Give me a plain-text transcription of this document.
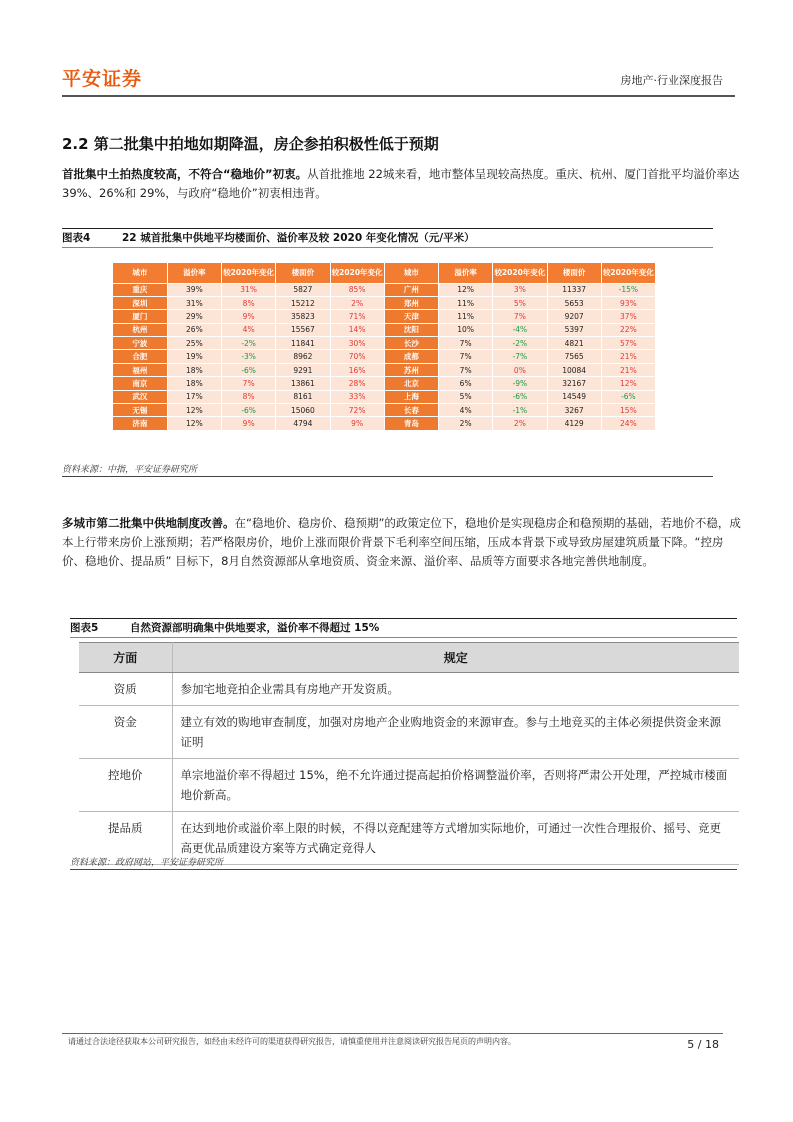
平安证券	房地产·行业深度报告
2.2 第二批集中拍地如期降温，房企参拍积极性低于预期
首批集中土拍热度较高，不符合“稳地价”初衷。从首批推地 22城来看，地市整体呈现较高热度。重庆、杭州、厦门首批平均溢价率达 39%、26%和 29%，与政府“稳地价”初衷相违背。
图表4	22 城首批集中供地平均楼面价、溢价率及较 2020 年变化情况（元/平米）
城市	溢价率	较2020年变化	楼面价	较2020年变化	城市	溢价率	较2020年变化	楼面价	较2020年变化
重庆	39%	31%	5827	85%	广州	12%	3%	11337	-15%
深圳	31%	8%	15212	2%	郑州	11%	5%	5653	93%
厦门	29%	9%	35823	71%	天津	11%	7%	9207	37%
杭州	26%	4%	15567	14%	沈阳	10%	-4%	5397	22%
宁波	25%	-2%	11841	30%	长沙	7%	-2%	4821	57%
合肥	19%	-3%	8962	70%	成都	7%	-7%	7565	21%
福州	18%	-6%	9291	16%	苏州	7%	0%	10084	21%
南京	18%	7%	13861	28%	北京	6%	-9%	32167	12%
武汉	17%	8%	8161	33%	上海	5%	-6%	14549	-6%
无锡	12%	-6%	15060	72%	长春	4%	-1%	3267	15%
济南	12%	9%	4794	9%	青岛	2%	2%	4129	24%
资料来源：中指，平安证券研究所
多城市第二批集中供地制度改善。在“稳地价、稳房价、稳预期”的政策定位下，稳地价是实现稳房企和稳预期的基础，若地价不稳，成本上行带来房价上涨预期；若严格限房价，地价上涨而限价背景下毛利率空间压缩，压成本背景下或导致房屋建筑质量下降。“控房价、稳地价、提品质” 目标下，8月自然资源部从拿地资质、资金来源、溢价率、品质等方面要求各地完善供地制度。
图表5	自然资源部明确集中供地要求，溢价率不得超过 15%
方面	规定
资质	参加宅地竞拍企业需具有房地产开发资质。
资金	建立有效的购地审查制度，加强对房地产企业购地资金的来源审查。参与土地竞买的主体必须提供资金来源证明
控地价	单宗地溢价率不得超过 15%，绝不允许通过提高起拍价格调整溢价率，否则将严肃公开处理，严控城市楼面地价新高。
提品质	在达到地价或溢价率上限的时候，不得以竞配建等方式增加实际地价，可通过一次性合理报价、摇号、竞更高更优品质建设方案等方式确定竞得人
资料来源：政府网站，平安证券研究所
请通过合法途径获取本公司研究报告，如经由未经许可的渠道获得研究报告，请慎重使用并注意阅读研究报告尾页的声明内容。	5 / 18
